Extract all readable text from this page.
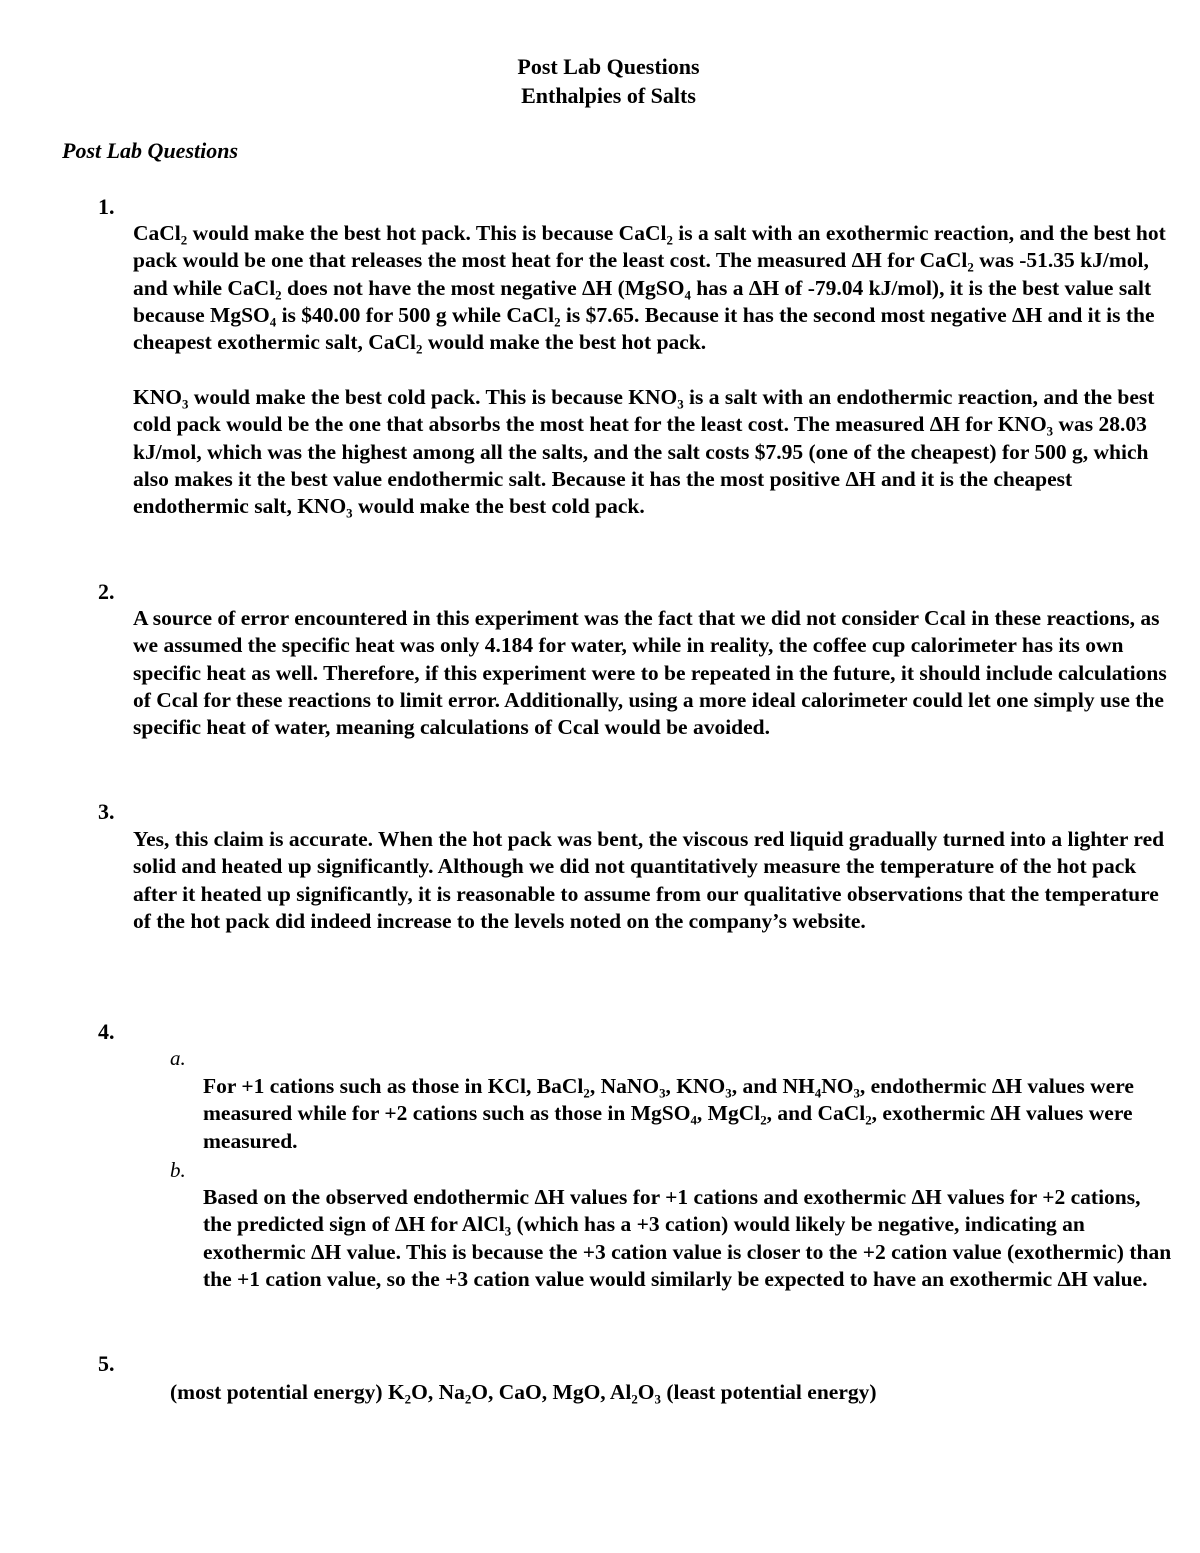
Post Lab Questions
Enthalpies of Salts
Post Lab Questions
1.
CaCl₂ would make the best hot pack. This is because CaCl₂ is a salt with an exothermic reaction, and the best hot pack would be one that releases the most heat for the least cost. The measured ΔH for CaCl₂ was -51.35 kJ/mol, and while CaCl₂ does not have the most negative ΔH (MgSO₄ has a ΔH of -79.04 kJ/mol), it is the best value salt because MgSO₄ is $40.00 for 500 g while CaCl₂ is $7.65. Because it has the second most negative ΔH and it is the cheapest exothermic salt, CaCl₂ would make the best hot pack.
KNO₃ would make the best cold pack. This is because KNO₃ is a salt with an endothermic reaction, and the best cold pack would be the one that absorbs the most heat for the least cost. The measured ΔH for KNO₃ was 28.03 kJ/mol, which was the highest among all the salts, and the salt costs $7.95 (one of the cheapest) for 500 g, which also makes it the best value endothermic salt. Because it has the most positive ΔH and it is the cheapest endothermic salt, KNO₃ would make the best cold pack.
2.
A source of error encountered in this experiment was the fact that we did not consider Ccal in these reactions, as we assumed the specific heat was only 4.184 for water, while in reality, the coffee cup calorimeter has its own specific heat as well. Therefore, if this experiment were to be repeated in the future, it should include calculations of Ccal for these reactions to limit error. Additionally, using a more ideal calorimeter could let one simply use the specific heat of water, meaning calculations of Ccal would be avoided.
3.
Yes, this claim is accurate. When the hot pack was bent, the viscous red liquid gradually turned into a lighter red solid and heated up significantly. Although we did not quantitatively measure the temperature of the hot pack after it heated up significantly, it is reasonable to assume from our qualitative observations that the temperature of the hot pack did indeed increase to the levels noted on the company’s website.
4.
a.
For +1 cations such as those in KCl, BaCl₂, NaNO₃, KNO₃, and NH₄NO₃, endothermic ΔH values were measured while for +2 cations such as those in MgSO₄, MgCl₂, and CaCl₂, exothermic ΔH values were measured.
b.
Based on the observed endothermic ΔH values for +1 cations and exothermic ΔH values for +2 cations, the predicted sign of ΔH for AlCl₃ (which has a +3 cation) would likely be negative, indicating an exothermic ΔH value. This is because the +3 cation value is closer to the +2 cation value (exothermic) than the +1 cation value, so the +3 cation value would similarly be expected to have an exothermic ΔH value.
5.
(most potential energy) K₂O, Na₂O, CaO, MgO, Al₂O₃ (least potential energy)
